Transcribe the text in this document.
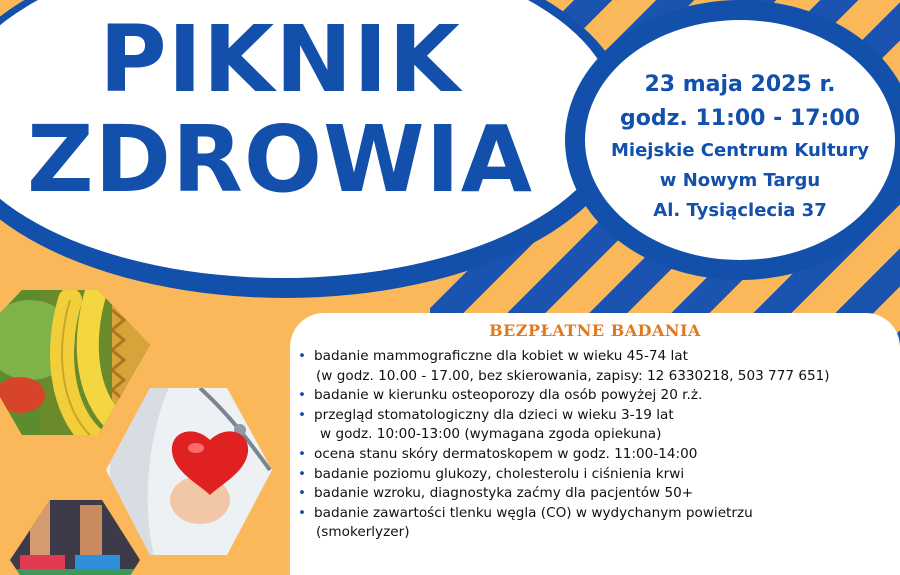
PIKNIK
ZDROWIA
23 maja 2025 r.
godz. 11:00 - 17:00
Miejskie Centrum Kultury
w Nowym Targu
Al. Tysiąclecia 37
BEZPŁATNE BADANIA
• badanie mammograficzne dla kobiet w wieku 45-74 lat
(w godz. 10.00 - 17.00, bez skierowania, zapisy: 12 6330218, 503 777 651)
• badanie w kierunku osteoporozy dla osób powyżej 20 r.ż.
• przegląd stomatologiczny dla dzieci w wieku 3-19 lat
w godz. 10:00-13:00 (wymagana zgoda opiekuna)
• ocena stanu skóry dermatoskopem w godz. 11:00-14:00
• badanie poziomu glukozy, cholesterolu i ciśnienia krwi
• badanie wzroku, diagnostyka zaćmy dla pacjentów 50+
• badanie zawartości tlenku węgla (CO) w wydychanym powietrzu
(smokerlyzer)
